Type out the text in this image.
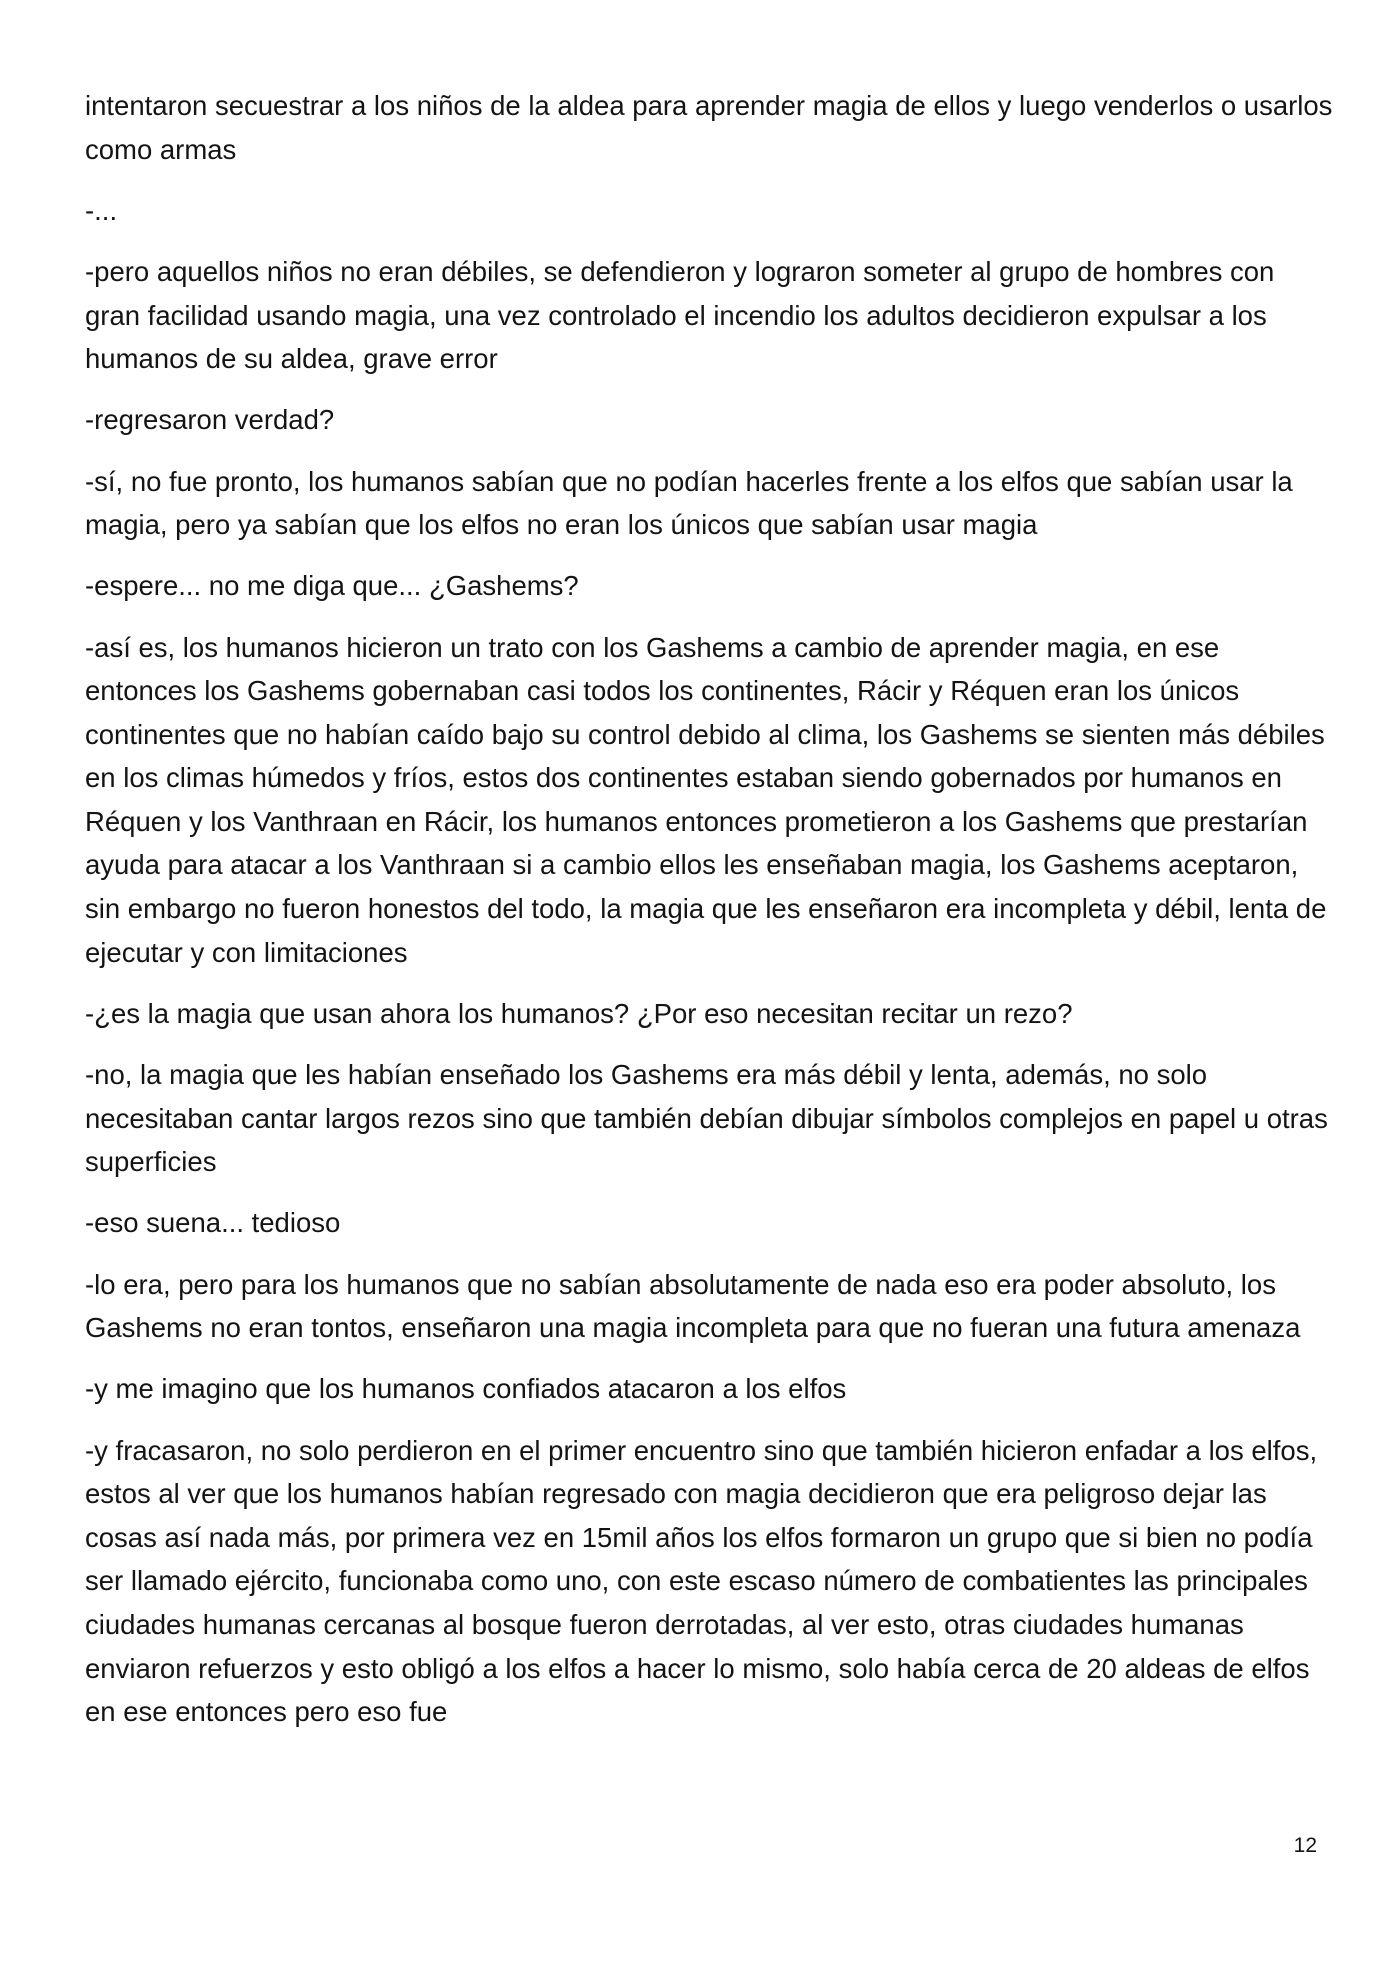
intentaron secuestrar a los niños de la aldea para aprender magia de ellos y luego venderlos o usarlos como armas

-...

-pero aquellos niños no eran débiles, se defendieron y lograron someter al grupo de hombres con gran facilidad usando magia, una vez controlado el incendio los adultos decidieron expulsar a los humanos de su aldea, grave error

-regresaron verdad?

-sí, no fue pronto, los humanos sabían que no podían hacerles frente a los elfos que sabían usar la magia, pero ya sabían que los elfos no eran los únicos que sabían usar magia

-espere... no me diga que... ¿Gashems?

-así es, los humanos hicieron un trato con los Gashems a cambio de aprender magia, en ese entonces los Gashems gobernaban casi todos los continentes, Rácir y Réquen eran los únicos continentes que no habían caído bajo su control debido al clima, los Gashems se sienten más débiles en los climas húmedos y fríos, estos dos continentes estaban siendo gobernados por humanos en Réquen y los Vanthraan en Rácir, los humanos entonces prometieron a los Gashems que prestarían ayuda para atacar a los Vanthraan si a cambio ellos les enseñaban magia, los Gashems aceptaron, sin embargo no fueron honestos del todo, la magia que les enseñaron era incompleta y débil, lenta de ejecutar y con limitaciones

-¿es la magia que usan ahora los humanos? ¿Por eso necesitan recitar un rezo?

-no, la magia que les habían enseñado los Gashems era más débil y lenta, además, no solo necesitaban cantar largos rezos sino que también debían dibujar símbolos complejos en papel u otras superficies

-eso suena... tedioso

-lo era, pero para los humanos que no sabían absolutamente de nada eso era poder absoluto, los Gashems no eran tontos, enseñaron una magia incompleta para que no fueran una futura amenaza

-y me imagino que los humanos confiados atacaron a los elfos

-y fracasaron, no solo perdieron en el primer encuentro sino que también hicieron enfadar a los elfos, estos al ver que los humanos habían regresado con magia decidieron que era peligroso dejar las cosas así nada más, por primera vez en 15mil años los elfos formaron un grupo que si bien no podía ser llamado ejército, funcionaba como uno, con este escaso número de combatientes las principales ciudades humanas cercanas al bosque fueron derrotadas, al ver esto, otras ciudades humanas enviaron refuerzos y esto obligó a los elfos a hacer lo mismo, solo había cerca de 20 aldeas de elfos en ese entonces pero eso fue

12
